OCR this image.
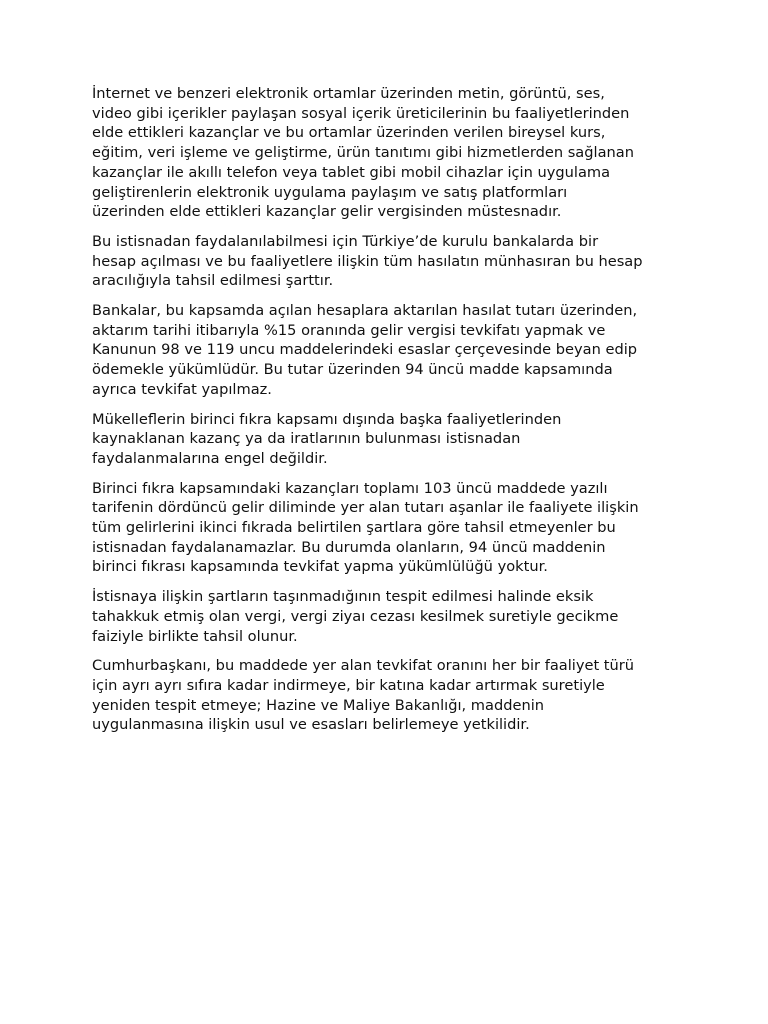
İnternet ve benzeri elektronik ortamlar üzerinden metin, görüntü, ses,
video gibi içerikler paylaşan sosyal içerik üreticilerinin bu faaliyetlerinden
elde ettikleri kazançlar ve bu ortamlar üzerinden verilen bireysel kurs,
eğitim, veri işleme ve geliştirme, ürün tanıtımı gibi hizmetlerden sağlanan
kazançlar ile akıllı telefon veya tablet gibi mobil cihazlar için uygulama
geliştirenlerin elektronik uygulama paylaşım ve satış platformları
üzerinden elde ettikleri kazançlar gelir vergisinden müstesnadır.

Bu istisnadan faydalanılabilmesi için Türkiye’de kurulu bankalarda bir
hesap açılması ve bu faaliyetlere ilişkin tüm hasılatın münhasıran bu hesap
aracılığıyla tahsil edilmesi şarttır.

Bankalar, bu kapsamda açılan hesaplara aktarılan hasılat tutarı üzerinden,
aktarım tarihi itibarıyla %15 oranında gelir vergisi tevkifatı yapmak ve
Kanunun 98 ve 119 uncu maddelerindeki esaslar çerçevesinde beyan edip
ödemekle yükümlüdür. Bu tutar üzerinden 94 üncü madde kapsamında
ayrıca tevkifat yapılmaz.

Mükelleflerin birinci fıkra kapsamı dışında başka faaliyetlerinden
kaynaklanan kazanç ya da iratlarının bulunması istisnadan
faydalanmalarına engel değildir.

Birinci fıkra kapsamındaki kazançları toplamı 103 üncü maddede yazılı
tarifenin dördüncü gelir diliminde yer alan tutarı aşanlar ile faaliyete ilişkin
tüm gelirlerini ikinci fıkrada belirtilen şartlara göre tahsil etmeyenler bu
istisnadan faydalanamazlar. Bu durumda olanların, 94 üncü maddenin
birinci fıkrası kapsamında tevkifat yapma yükümlülüğü yoktur.

İstisnaya ilişkin şartların taşınmadığının tespit edilmesi halinde eksik
tahakkuk etmiş olan vergi, vergi ziyaı cezası kesilmek suretiyle gecikme
faiziyle birlikte tahsil olunur.

Cumhurbaşkanı, bu maddede yer alan tevkifat oranını her bir faaliyet türü
için ayrı ayrı sıfıra kadar indirmeye, bir katına kadar artırmak suretiyle
yeniden tespit etmeye; Hazine ve Maliye Bakanlığı, maddenin
uygulanmasına ilişkin usul ve esasları belirlemeye yetkilidir.
